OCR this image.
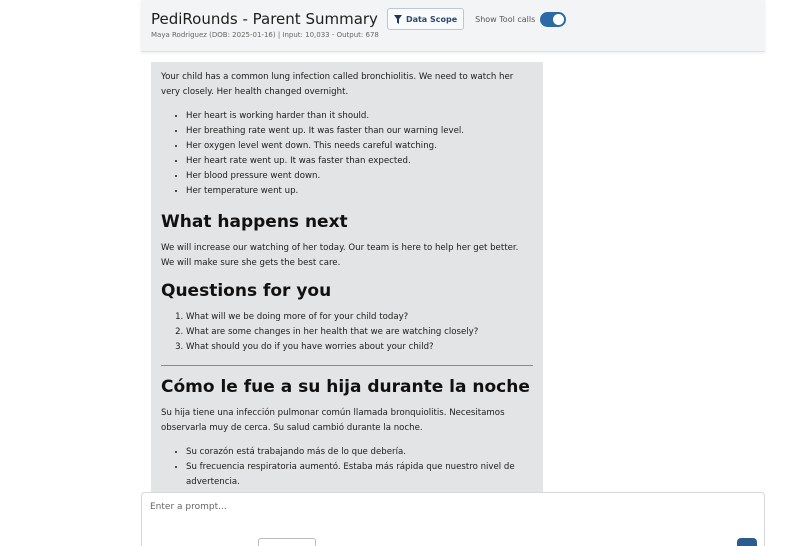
PediRounds - Parent Summary	Data Scope Show Tool calls
Maya Rodriguez (DOB: 2025-01-16) | Input: 10,033 - Output: 678

Your child has a common lung infection called bronchiolitis. We need to watch her very closely. Her health changed overnight.

• Her heart is working harder than it should.
• Her breathing rate went up. It was faster than our warning level.
• Her oxygen level went down. This needs careful watching.
• Her heart rate went up. It was faster than expected.
• Her blood pressure went down.
• Her temperature went up.
What happens next

We will increase our watching of her today. Our team is here to help her get better. We will make sure she gets the best care.

Questions for you
1. What will we be doing more of for your child today?
2. What are some changes in her health that we are watching closely?
3. What should you do if you have worries about your child?
Cómo le fue a su hija durante la noche

Su hija tiene una infección pulmonar común llamada bronquiolitis. Necesitamos observarla muy de cerca. Su salud cambió durante la noche.

• Su corazón está trabajando más de lo que debería.
• Su frecuencia respiratoria aumentó. Estaba más rápida que nuestro nivel de advertencia.
Enter a prompt...
